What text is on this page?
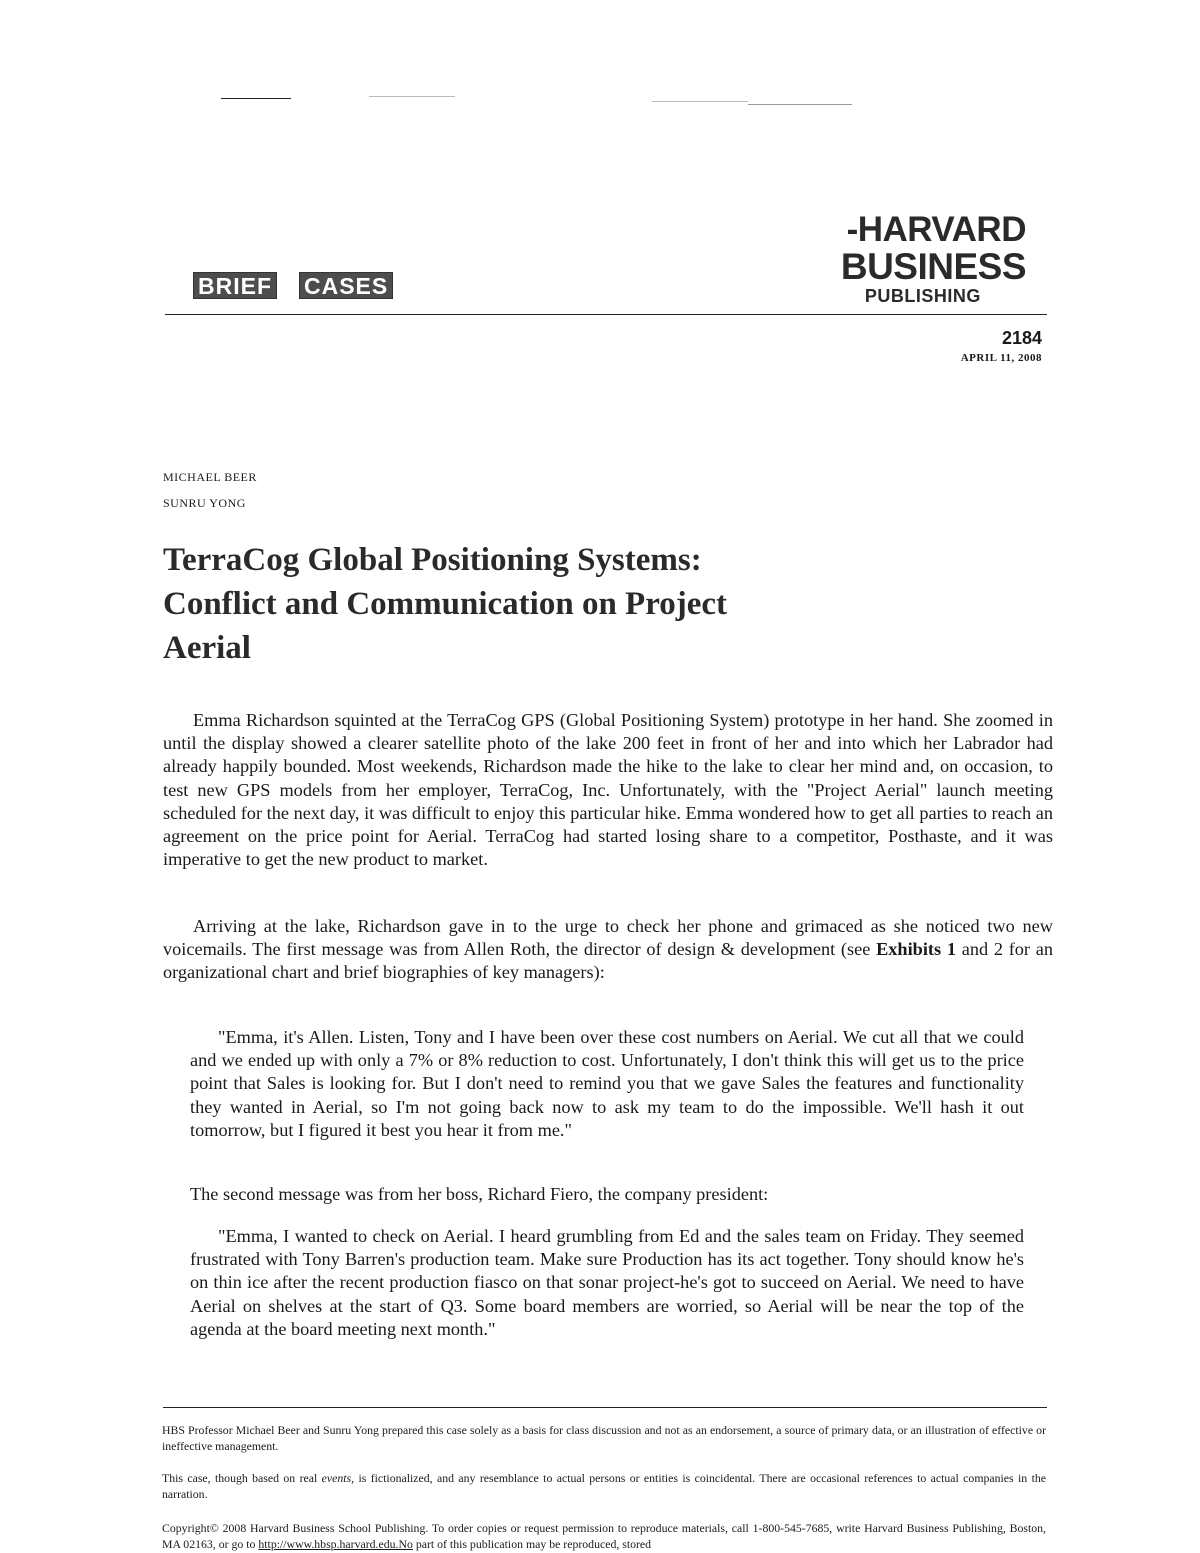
BRIEF CASES
-HARVARD
BUSINESS
PUBLISHING
2184
APRIL 11, 2008
MICHAEL BEER
SUNRU YONG
TerraCog Global Positioning Systems:
Conflict and Communication on Project
Aerial

Emma Richardson squinted at the TerraCog GPS (Global Positioning System) prototype in her hand. She zoomed in until the display showed a clearer satellite photo of the lake 200 feet in front of her and into which her Labrador had already happily bounded. Most weekends, Richardson made the hike to the lake to clear her mind and, on occasion, to test new GPS models from her employer, TerraCog, Inc. Unfortunately, with the "Project Aerial" launch meeting scheduled for the next day, it was difficult to enjoy this particular hike. Emma wondered how to get all parties to reach an agreement on the price point for Aerial. TerraCog had started losing share to a competitor, Posthaste, and it was imperative to get the new product to market.

Arriving at the lake, Richardson gave in to the urge to check her phone and grimaced as she noticed two new voicemails. The first message was from Allen Roth, the director of design & development (see Exhibits 1 and 2 for an organizational chart and brief biographies of key managers):

"Emma, it's Allen. Listen, Tony and I have been over these cost numbers on Aerial. We cut all that we could and we ended up with only a 7% or 8% reduction to cost. Unfortunately, I don't think this will get us to the price point that Sales is looking for. But I don't need to remind you that we gave Sales the features and functionality they wanted in Aerial, so I'm not going back now to ask my team to do the impossible. We'll hash it out tomorrow, but I figured it best you hear it from me."

The second message was from her boss, Richard Fiero, the company president:

"Emma, I wanted to check on Aerial. I heard grumbling from Ed and the sales team on Friday. They seemed frustrated with Tony Barren's production team. Make sure Production has its act together. Tony should know he's on thin ice after the recent production fiasco on that sonar project-he's got to succeed on Aerial. We need to have Aerial on shelves at the start of Q3. Some board members are worried, so Aerial will be near the top of the agenda at the board meeting next month."

HBS Professor Michael Beer and Sunru Yong prepared this case solely as a basis for class discussion and not as an endorsement, a source of primary data, or an illustration of effective or ineffective management.

This case, though based on real events, is fictionalized, and any resemblance to actual persons or entities is coincidental. There are occasional references to actual companies in the narration.

Copyright© 2008 Harvard Business School Publishing. To order copies or request permission to reproduce materials, call 1-800-545-7685, write Harvard Business Publishing, Boston, MA 02163, or go to http://www.hbsp.harvard.edu.No part of this publication may be reproduced, stored
